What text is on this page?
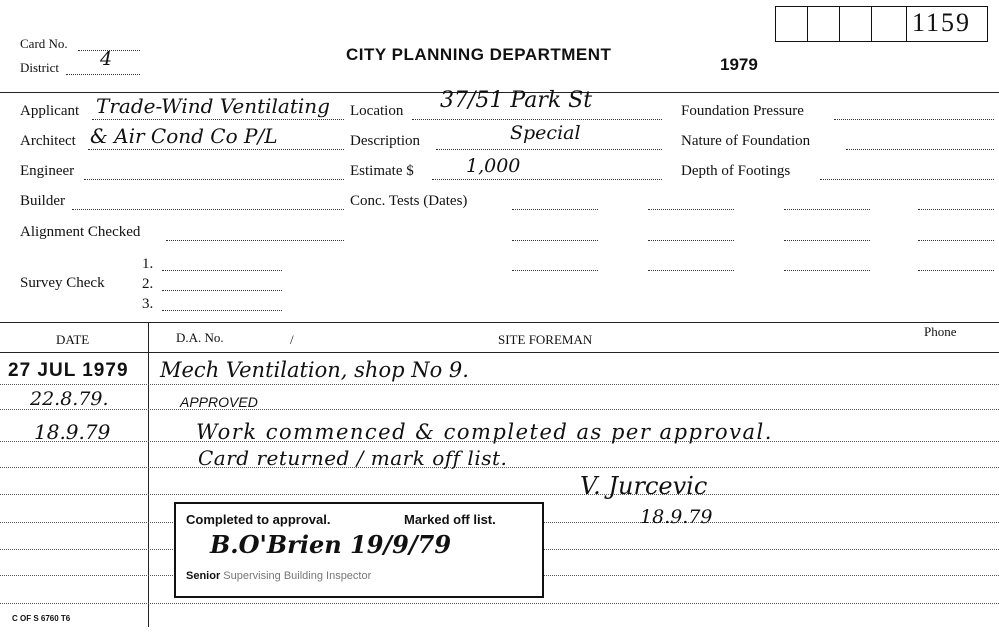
1159
Card No.
District 4	CITY PLANNING DEPARTMENT
1979
Applicant Trade-Wind Ventilating
Architect & Air Cond Co P/L
Engineer
Builder
Alignment Checked
Survey Check
1.
2.
3.
Location 37/51 Park St
Description	Special
Estimate $	1,000
Conc. Tests (Dates)
Foundation Pressure
Nature of Foundation
Depth of Footings
DATE	D.A. No.	/	SITE FOREMAN
Phone
27 JUL 1979 Mech Ventilation, shop No 9.
22.8.79.	APPROVED
18.9.79	Work commenced & completed as per approval.
Card returned / mark off list.
V. Jurcevic
18.9.79
Completed to approval.	Marked off list.
B.O'Brien 19/9/79
Senior Supervising Building Inspector
C OF S 6760 T6
